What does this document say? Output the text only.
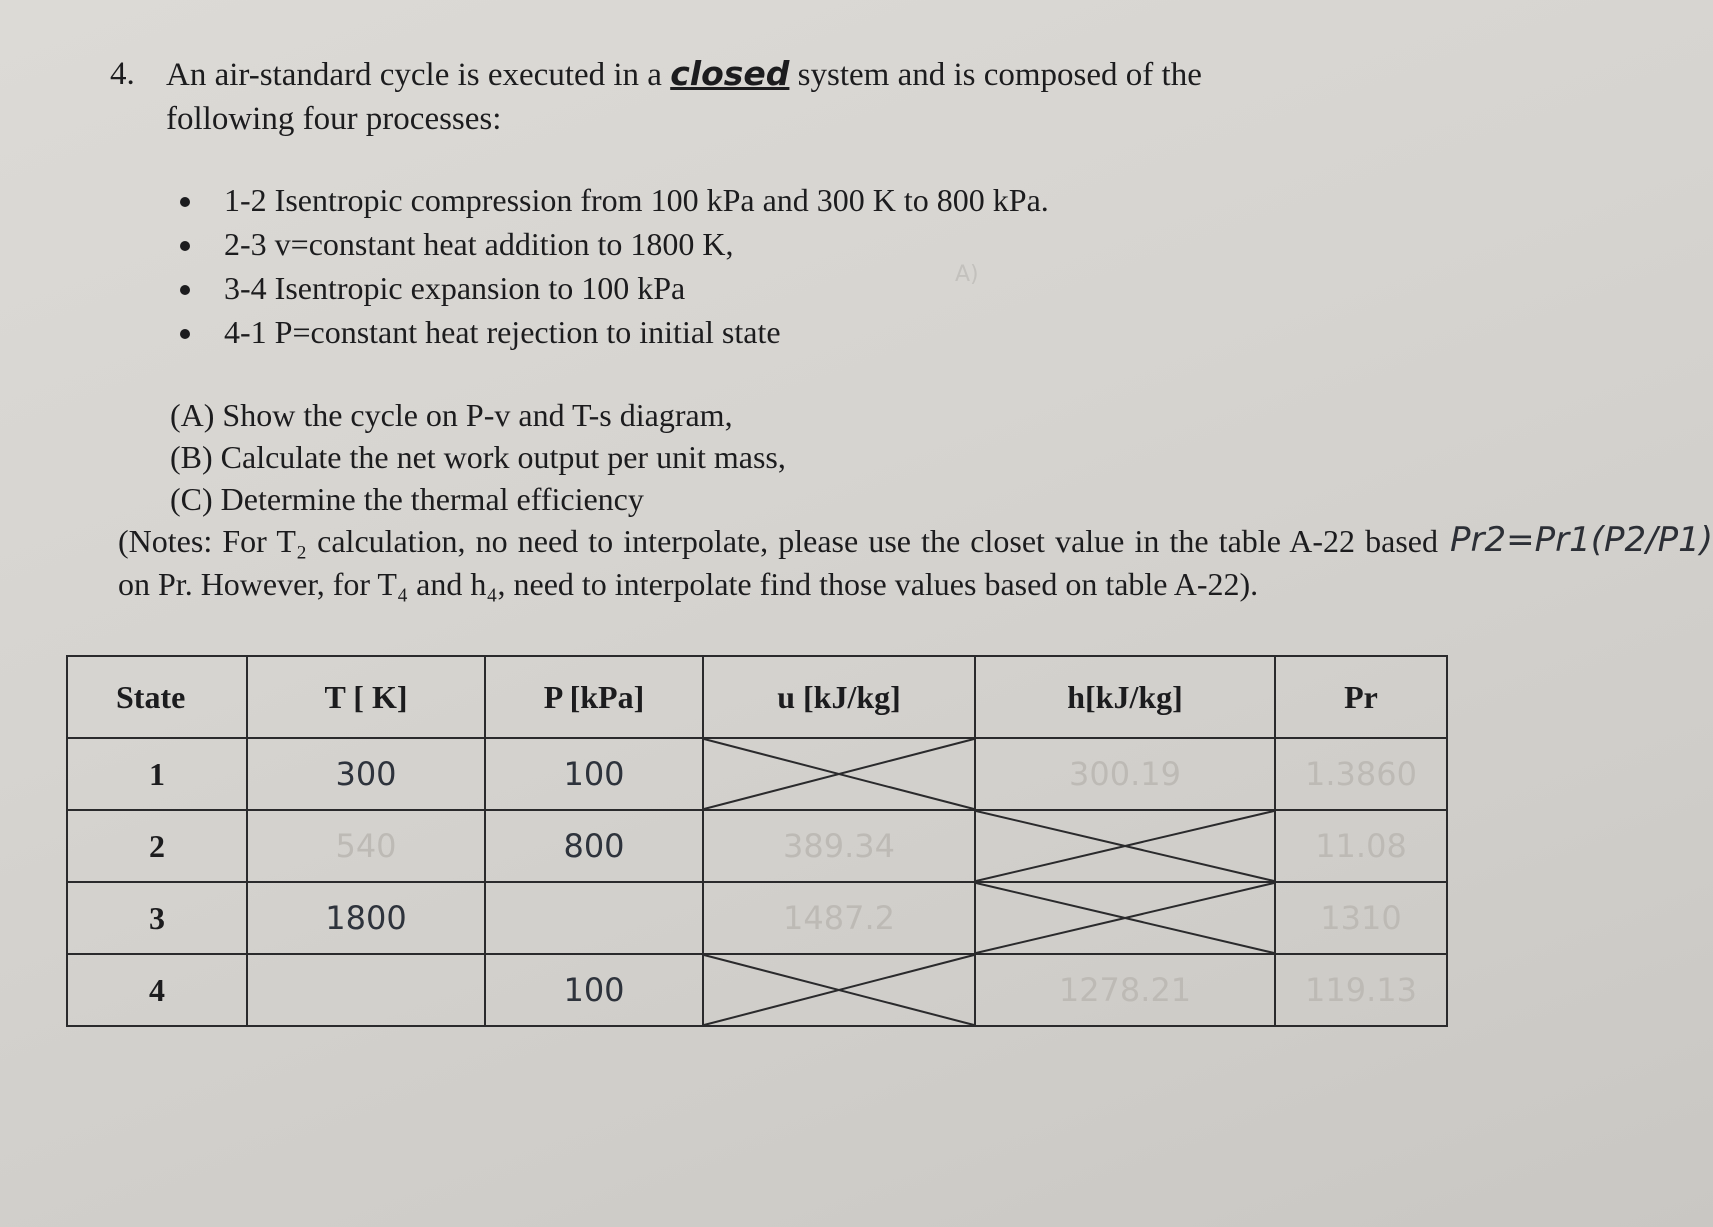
4. An air-standard cycle is executed in a closed system and is composed of the following four processes:
1-2 Isentropic compression from 100 kPa and 300 K to 800 kPa.
2-3 v=constant heat addition to 1800 K,
3-4 Isentropic expansion to 100 kPa
4-1 P=constant heat rejection to initial state
A)
(A) Show the cycle on P-v and T-s diagram,
(B) Calculate the net work output per unit mass,
(C) Determine the thermal efficiency
(Notes: For T₂ calculation, no need to interpolate, please use the closet value in the table A-22 based on Pr. However, for T₄ and h₄, need to interpolate find those values based on table A-22).
Pr2=Pr1(P2/P1)
State	T [ K]	P [kPa]	u [kJ/kg]	h[kJ/kg]	Pr
1	300	100		300.19	1.3860
2	540	800	389.34		11.08
3	1800		1487.2		1310
4		100		1278.21	119.13
